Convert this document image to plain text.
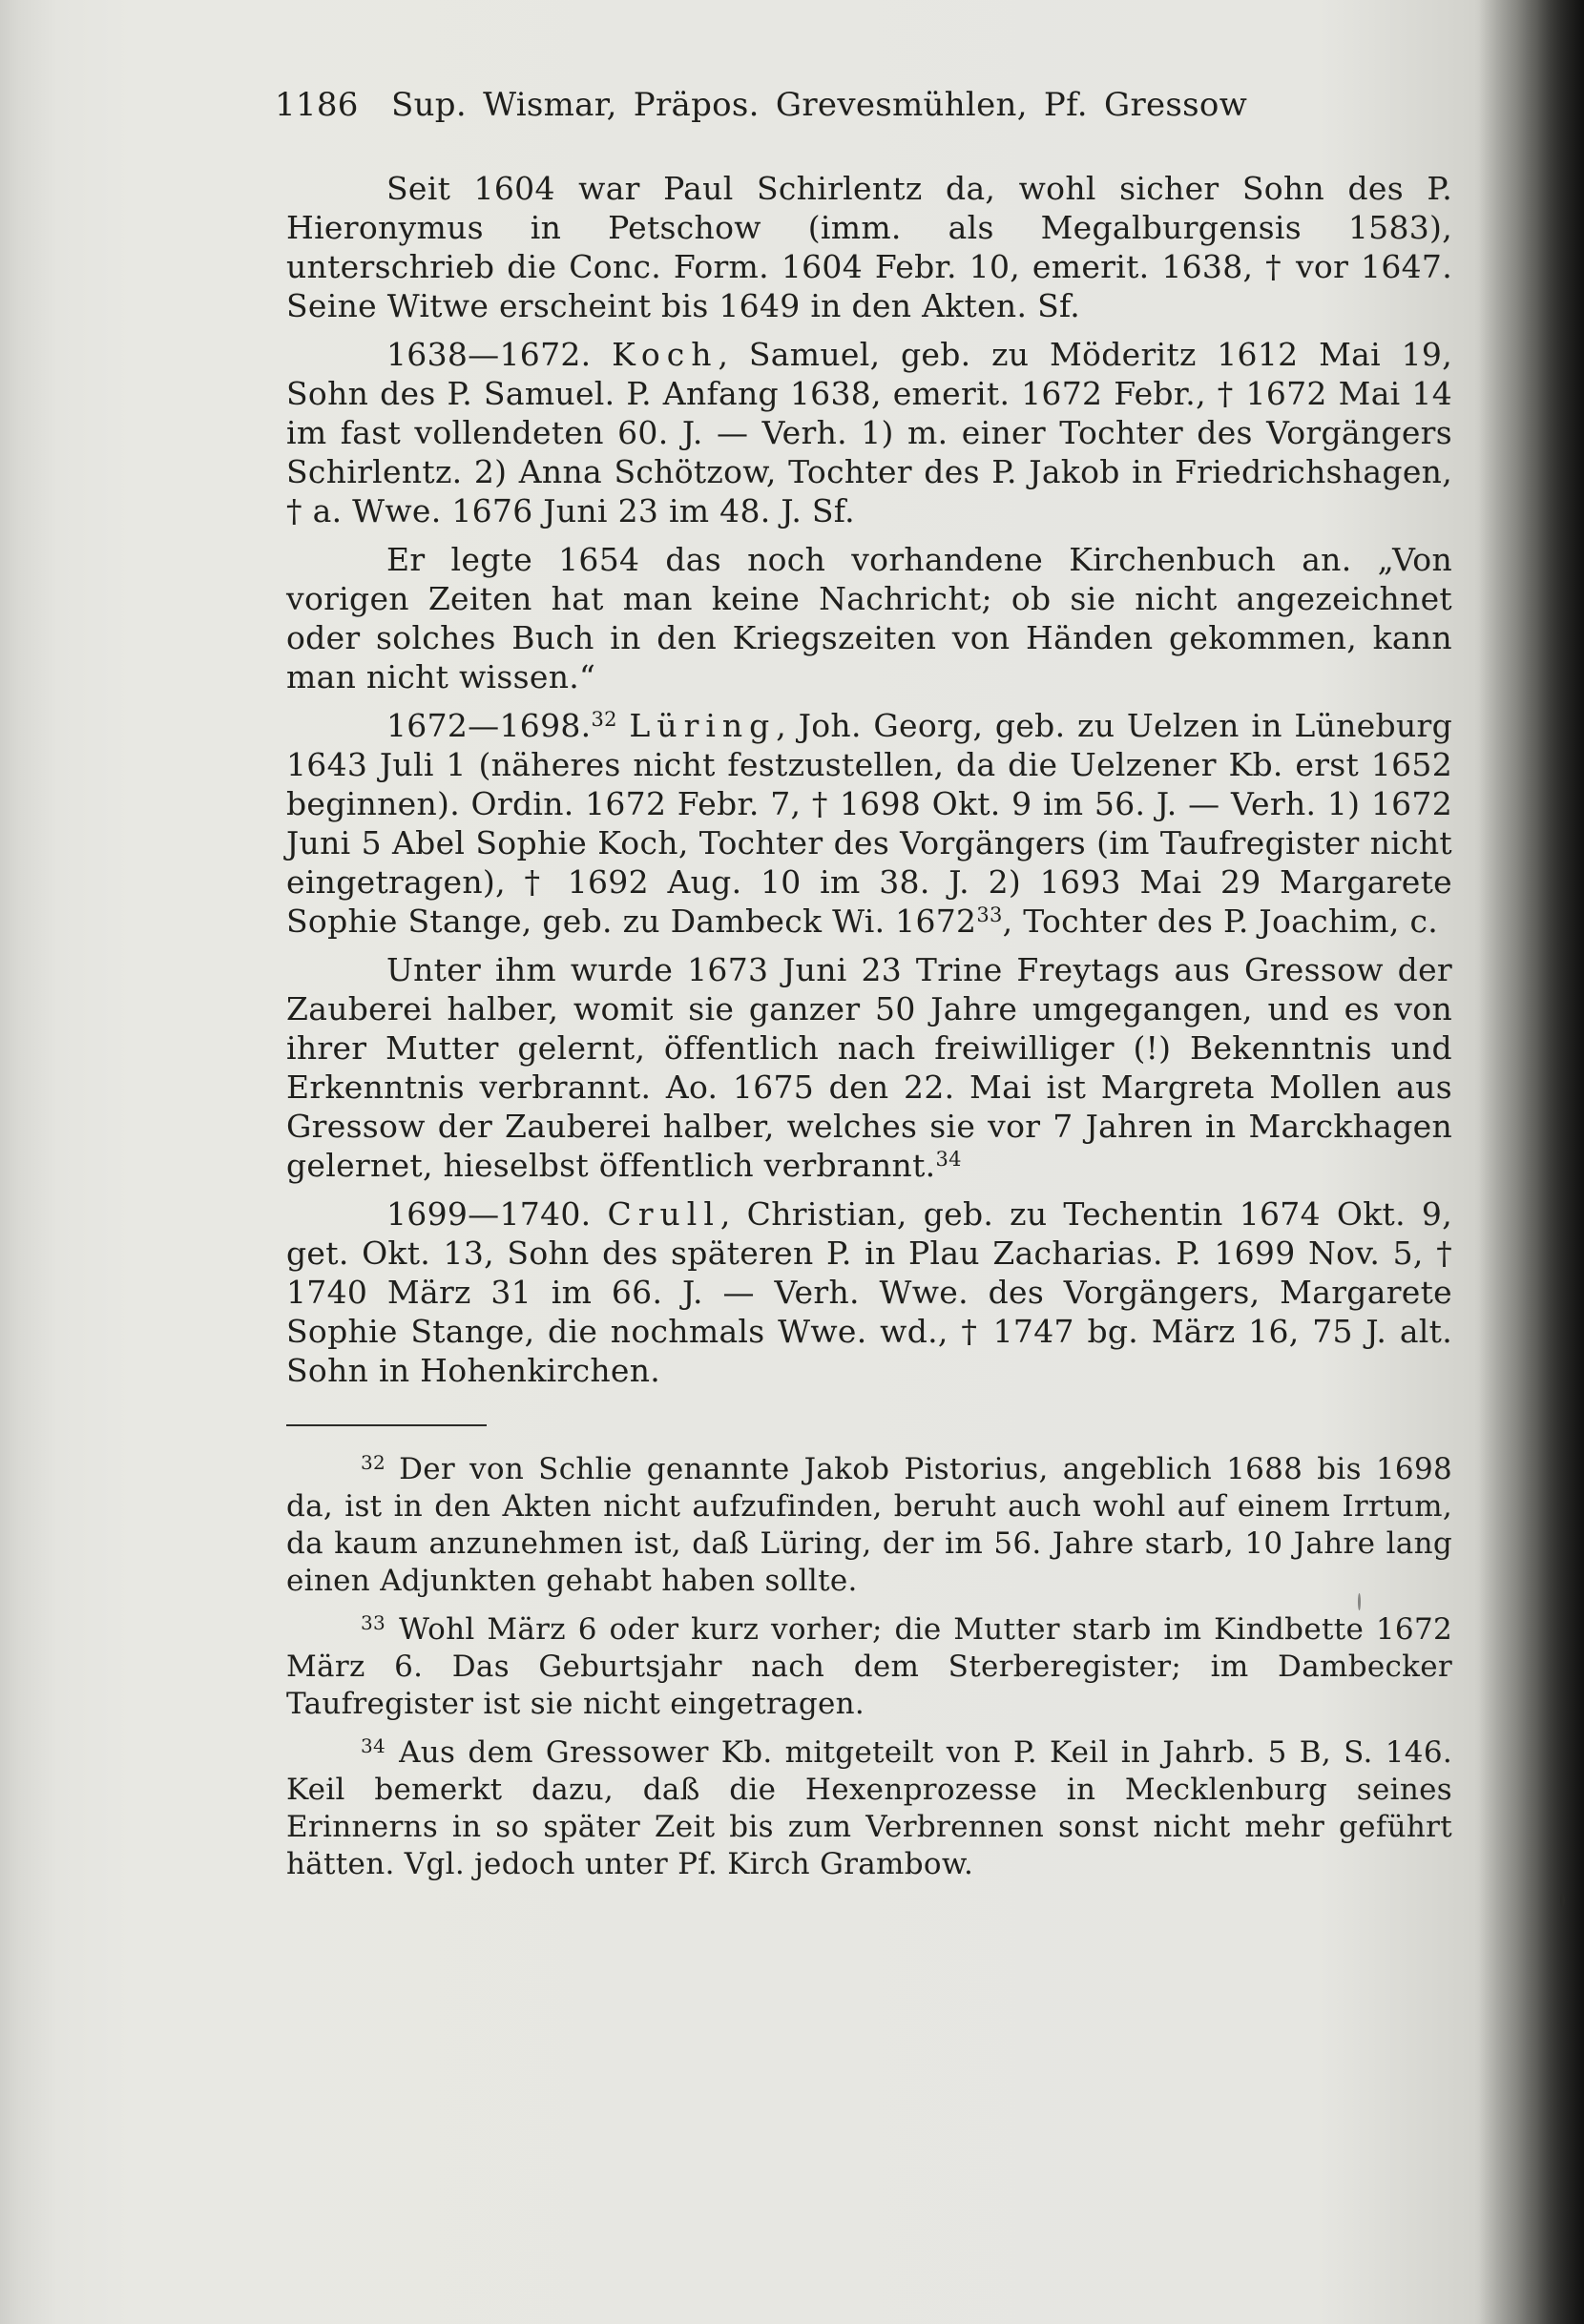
1186 Sup. Wismar, Präpos. Grevesmühlen, Pf. Gressow

Seit 1604 war Paul Schirlentz da, wohl sicher Sohn des P. Hieronymus in Petschow (imm. als Megalburgensis 1583), unterschrieb die Conc. Form. 1604 Febr. 10, emerit. 1638, † vor 1647. Seine Witwe erscheint bis 1649 in den Akten. Sf.

1638—1672. Koch, Samuel, geb. zu Möderitz 1612 Mai 19, Sohn des P. Samuel. P. Anfang 1638, emerit. 1672 Febr., † 1672 Mai 14 im fast vollendeten 60. J. — Verh. 1) m. einer Tochter des Vorgängers Schirlentz. 2) Anna Schötzow, Tochter des P. Jakob in Friedrichshagen, † a. Wwe. 1676 Juni 23 im 48. J. Sf.

Er legte 1654 das noch vorhandene Kirchenbuch an. „Von vorigen Zeiten hat man keine Nachricht; ob sie nicht angezeichnet oder solches Buch in den Kriegszeiten von Händen gekommen, kann man nicht wissen.“

1672—1698.32 Lüring, Joh. Georg, geb. zu Uelzen in Lüneburg 1643 Juli 1 (näheres nicht festzustellen, da die Uelzener Kb. erst 1652 beginnen). Ordin. 1672 Febr. 7, † 1698 Okt. 9 im 56. J. — Verh. 1) 1672 Juni 5 Abel Sophie Koch, Tochter des Vorgängers (im Taufregister nicht eingetragen), † 1692 Aug. 10 im 38. J. 2) 1693 Mai 29 Margarete Sophie Stange, geb. zu Dambeck Wi. 1672$^{33}$, Tochter des P. Joachim, c.

Unter ihm wurde 1673 Juni 23 Trine Freytags aus Gressow der Zauberei halber, womit sie ganzer 50 Jahre umgegangen, und es von ihrer Mutter gelernt, öffentlich nach freiwilliger (!) Bekenntnis und Erkenntnis verbrannt. Ao. 1675 den 22. Mai ist Margreta Mollen aus Gressow der Zauberei halber, welches sie vor 7 Jahren in Marckhagen gelernet, hieselbst öffentlich verbrannt.$^{34}$

1699—1740. Crull, Christian, geb. zu Techentin 1674 Okt. 9, get. Okt. 13, Sohn des späteren P. in Plau Zacharias. P. 1699 Nov. 5, † 1740 März 31 im 66. J. — Verh. Wwe. des Vorgängers, Margarete Sophie Stange, die nochmals Wwe. wd., † 1747 bg. März 16, 75 J. alt. Sohn in Hohenkirchen.

$^{32}$ Der von Schlie genannte Jakob Pistorius, angeblich 1688 bis 1698 da, ist in den Akten nicht aufzufinden, beruht auch wohl auf einem Irrtum, da kaum anzunehmen ist, daß Lüring, der im 56. Jahre starb, 10 Jahre lang einen Adjunkten gehabt haben sollte.

$^{33}$ Wohl März 6 oder kurz vorher; die Mutter starb im Kindbette 1672 März 6. Das Geburtsjahr nach dem Sterberegister; im Dambecker Taufregister ist sie nicht eingetragen.

$^{34}$ Aus dem Gressower Kb. mitgeteilt von P. Keil in Jahrb. 5 B, S. 146. Keil bemerkt dazu, daß die Hexenprozesse in Mecklenburg seines Erinnerns in so später Zeit bis zum Verbrennen sonst nicht mehr geführt hätten. Vgl. jedoch unter Pf. Kirch Grambow.
